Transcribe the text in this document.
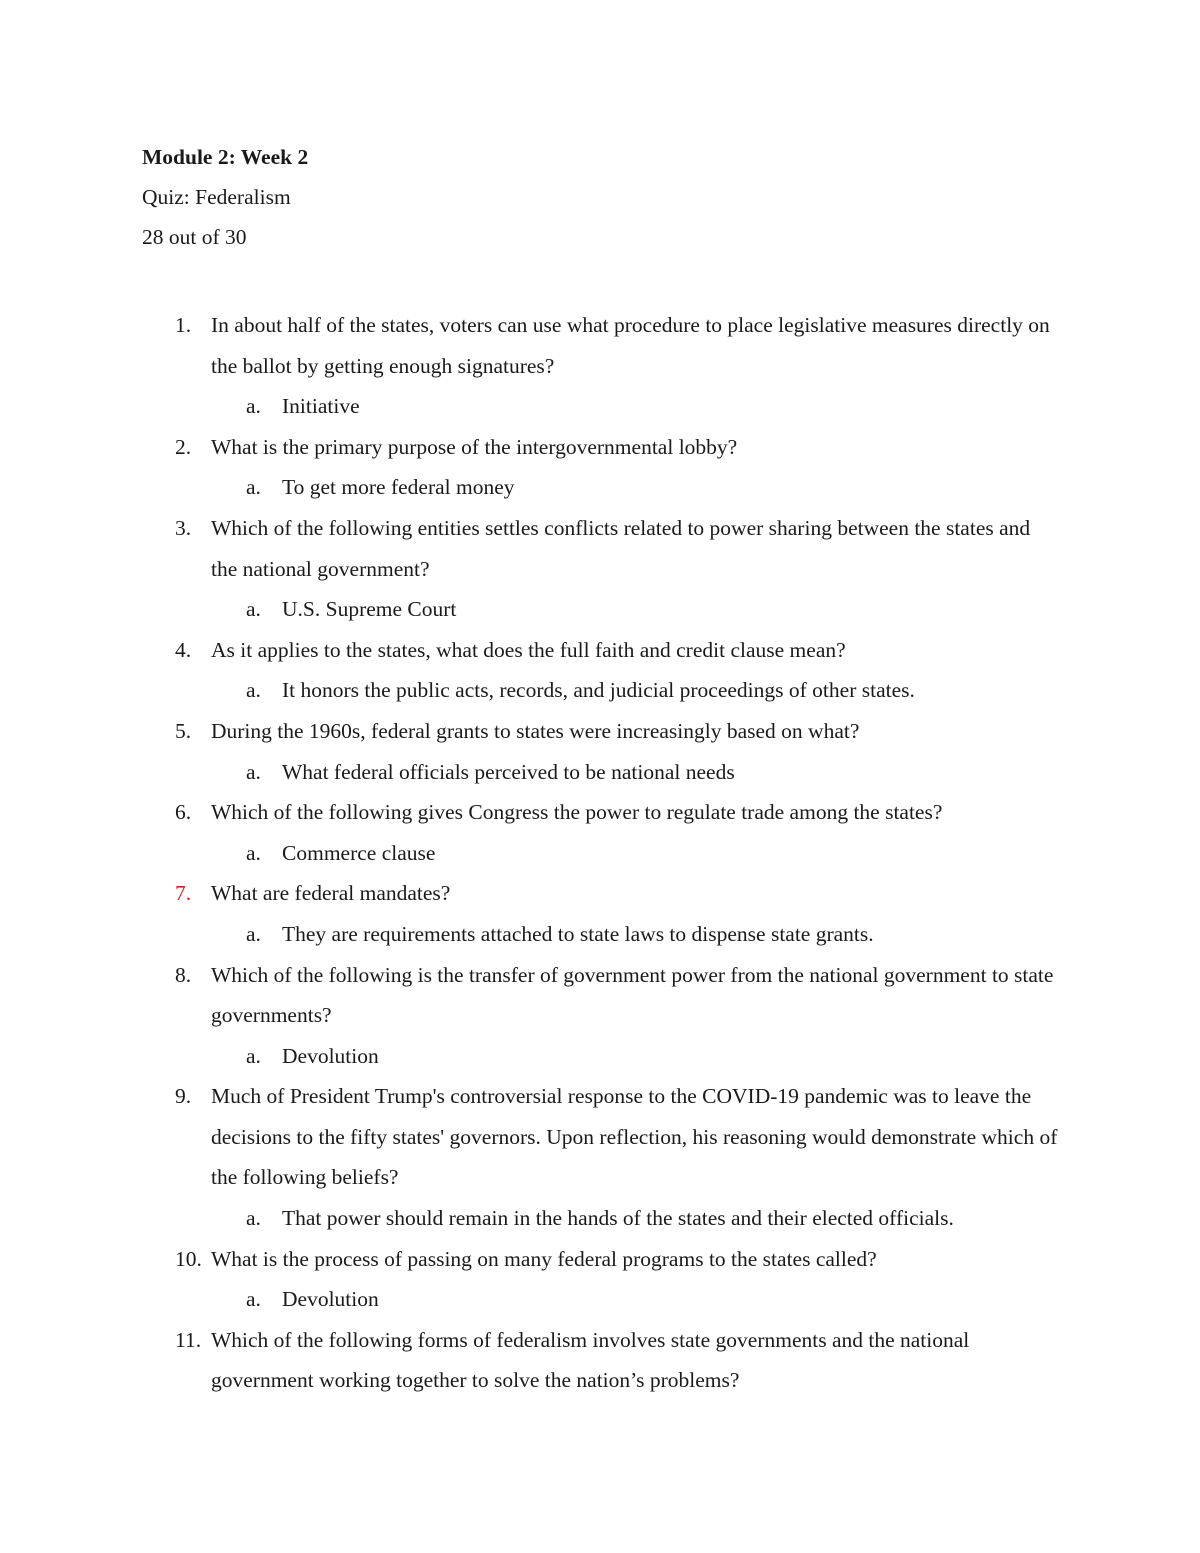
Module 2: Week 2

Quiz: Federalism

28 out of 30

1. In about half of the states, voters can use what procedure to place legislative measures directly on the ballot by getting enough signatures?

a. Initiative

2. What is the primary purpose of the intergovernmental lobby?

a. To get more federal money

3. Which of the following entities settles conflicts related to power sharing between the states and the national government?

a. U.S. Supreme Court

4. As it applies to the states, what does the full faith and credit clause mean?

a. It honors the public acts, records, and judicial proceedings of other states.

5. During the 1960s, federal grants to states were increasingly based on what?

a. What federal officials perceived to be national needs

6. Which of the following gives Congress the power to regulate trade among the states?

a. Commerce clause

7. What are federal mandates?

a. They are requirements attached to state laws to dispense state grants.

8. Which of the following is the transfer of government power from the national government to state governments?

a. Devolution

9. Much of President Trump's controversial response to the COVID-19 pandemic was to leave the decisions to the fifty states' governors. Upon reflection, his reasoning would demonstrate which of the following beliefs?

a. That power should remain in the hands of the states and their elected officials.

10. What is the process of passing on many federal programs to the states called?

a. Devolution

11. Which of the following forms of federalism involves state governments and the national government working together to solve the nation’s problems?
